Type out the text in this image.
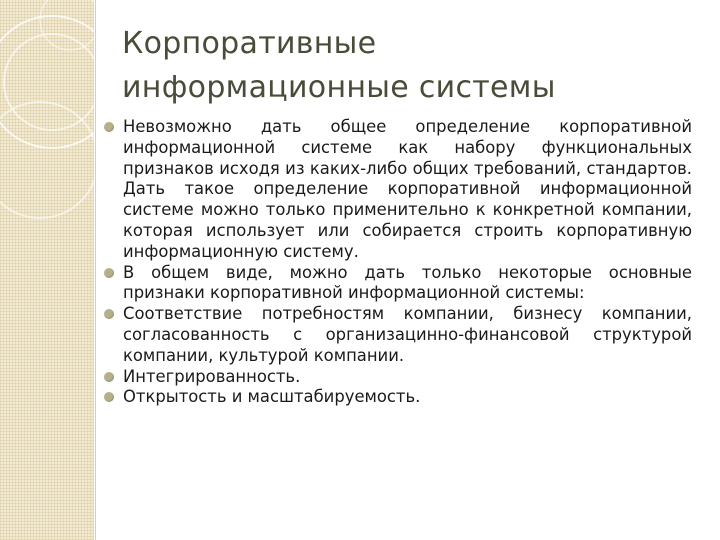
Корпоративные
информационные системы

Невозможно дать общее определение корпоративной информационной системе как набору функциональных признаков исходя из каких-либо общих требований, стандартов. Дать такое определение корпоративной информационной системе можно только применительно к конкретной компании, которая использует или собирается строить корпоративную информационную систему.

В общем виде, можно дать только некоторые основные признаки корпоративной информационной системы:

Соответствие потребностям компании, бизнесу компании, согласованность с организацинно-финансовой структурой компании, культурой компании.

Интегрированность.

Открытость и масштабируемость.
